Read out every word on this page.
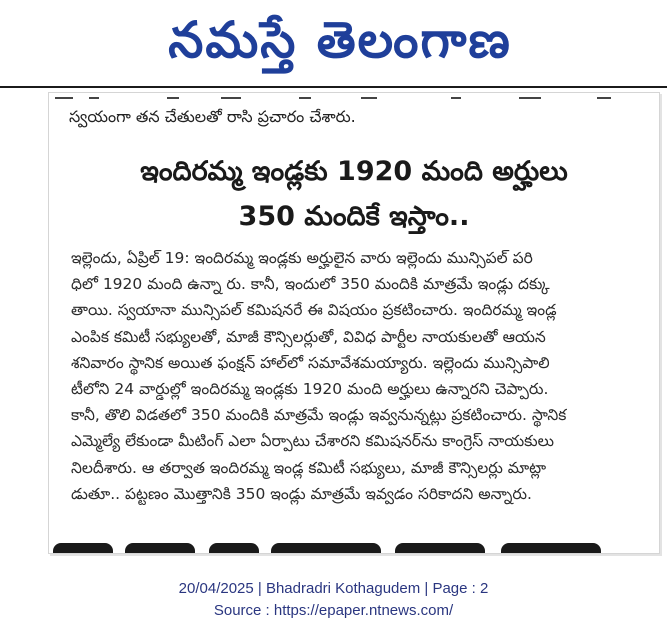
నమస్తే తెలంగాణ
స్వయంగా తన చేతులతో రాసి ప్రచారం చేశారు.
ఇందిరమ్మ ఇండ్లకు 1920 మంది అర్హులు
350 మందికే ఇస్తాం..
ఇల్లెందు, ఏప్రిల్ 19: ఇందిరమ్మ ఇండ్లకు అర్హులైన వారు ఇల్లెందు మున్సిపల్ పరి
ధిలో 1920 మంది ఉన్నా రు. కానీ, ఇందులో 350 మందికి మాత్రమే ఇండ్లు దక్కు
తాయి. స్వయానా మున్సిపల్ కమిషనరే ఈ విషయం ప్రకటించారు. ఇందిరమ్మ ఇండ్ల
ఎంపిక కమిటీ సభ్యులతో, మాజీ కౌన్సిలర్లుతో, వివిధ పార్టీల నాయకులతో ఆయన
శనివారం స్థానిక అయిత ఫంక్షన్ హాల్‌లో సమావేశమయ్యారు. ఇల్లెందు మున్సిపాలి
టీలోని 24 వార్డుల్లో ఇందిరమ్మ ఇండ్లకు 1920 మంది అర్హులు ఉన్నారని చెప్పారు.
కానీ, తొలి విడతలో 350 మందికి మాత్రమే ఇండ్లు ఇవ్వనున్నట్లు ప్రకటించారు. స్థానిక
ఎమ్మెల్యే లేకుండా మీటింగ్ ఎలా ఏర్పాటు చేశారని కమిషనర్‌ను కాంగ్రెస్ నాయకులు
నిలదీశారు. ఆ తర్వాత ఇందిరమ్మ ఇండ్ల కమిటీ సభ్యులు, మాజీ కౌన్సిలర్లు మాట్లా
డుతూ.. పట్టణం మొత్తానికి 350 ఇండ్లు మాత్రమే ఇవ్వడం సరికాదని అన్నారు.
20/04/2025 | Bhadradri Kothagudem | Page : 2
Source : https://epaper.ntnews.com/
